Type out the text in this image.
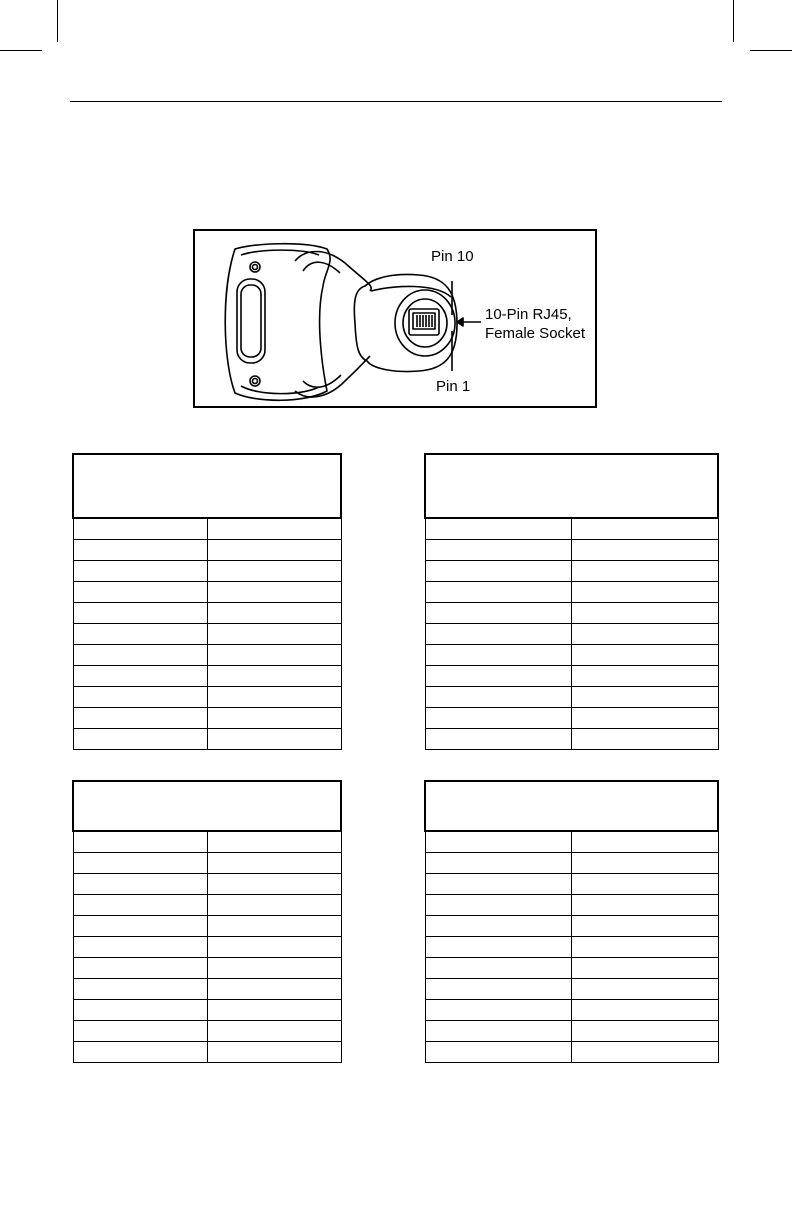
Pin 10
10-Pin RJ45,
Female Socket
Pin 1
